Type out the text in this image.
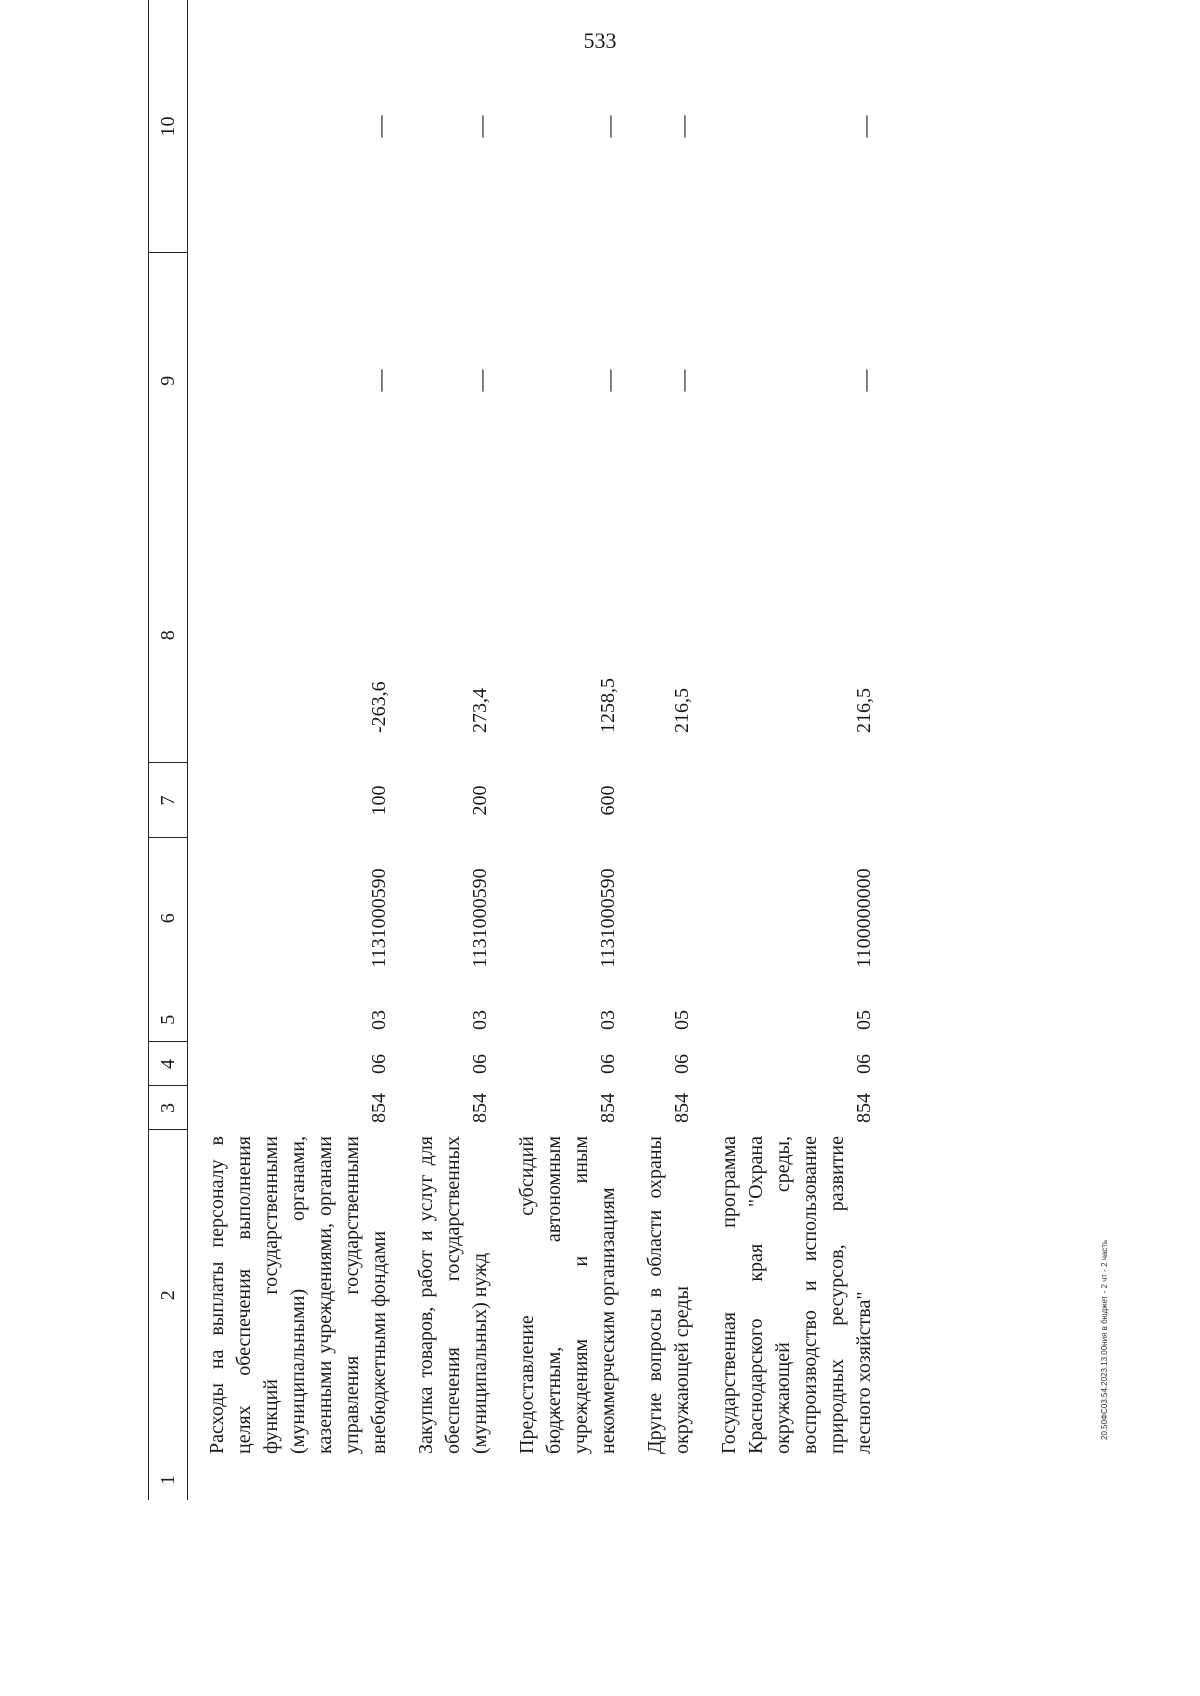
533
1	2	3	4	5	6	7	8	9	10

	Расходы на выплаты персоналу в целях обеспечения выполнения функций государственными (муниципальными) органами, казенными учреждениями, органами управления государственными внебюджетными фондами	854	06	03	1131000590	100	-263,6	—	—

	Закупка товаров, работ и услуг для обеспечения государственных (муниципальных) нужд	854	06	03	1131000590	200	273,4	—	—

	Предоставление субсидий бюджетным, автономным учреждениям и иным некоммерческим организациям	854	06	03	1131000590	600	1258,5	—	—

	Другие вопросы в области охраны окружающей среды	854	06	05			216,5	—	—

	Государственная программа Краснодарского края "Охрана окружающей среды, воспроизводство и использование природных ресурсов, развитие лесного хозяйства"	854	06	05	1100000000		216,5	—	—
20.50ФС03.54.2023.13.00ния в бюджет - 2 чт - 2 часть
